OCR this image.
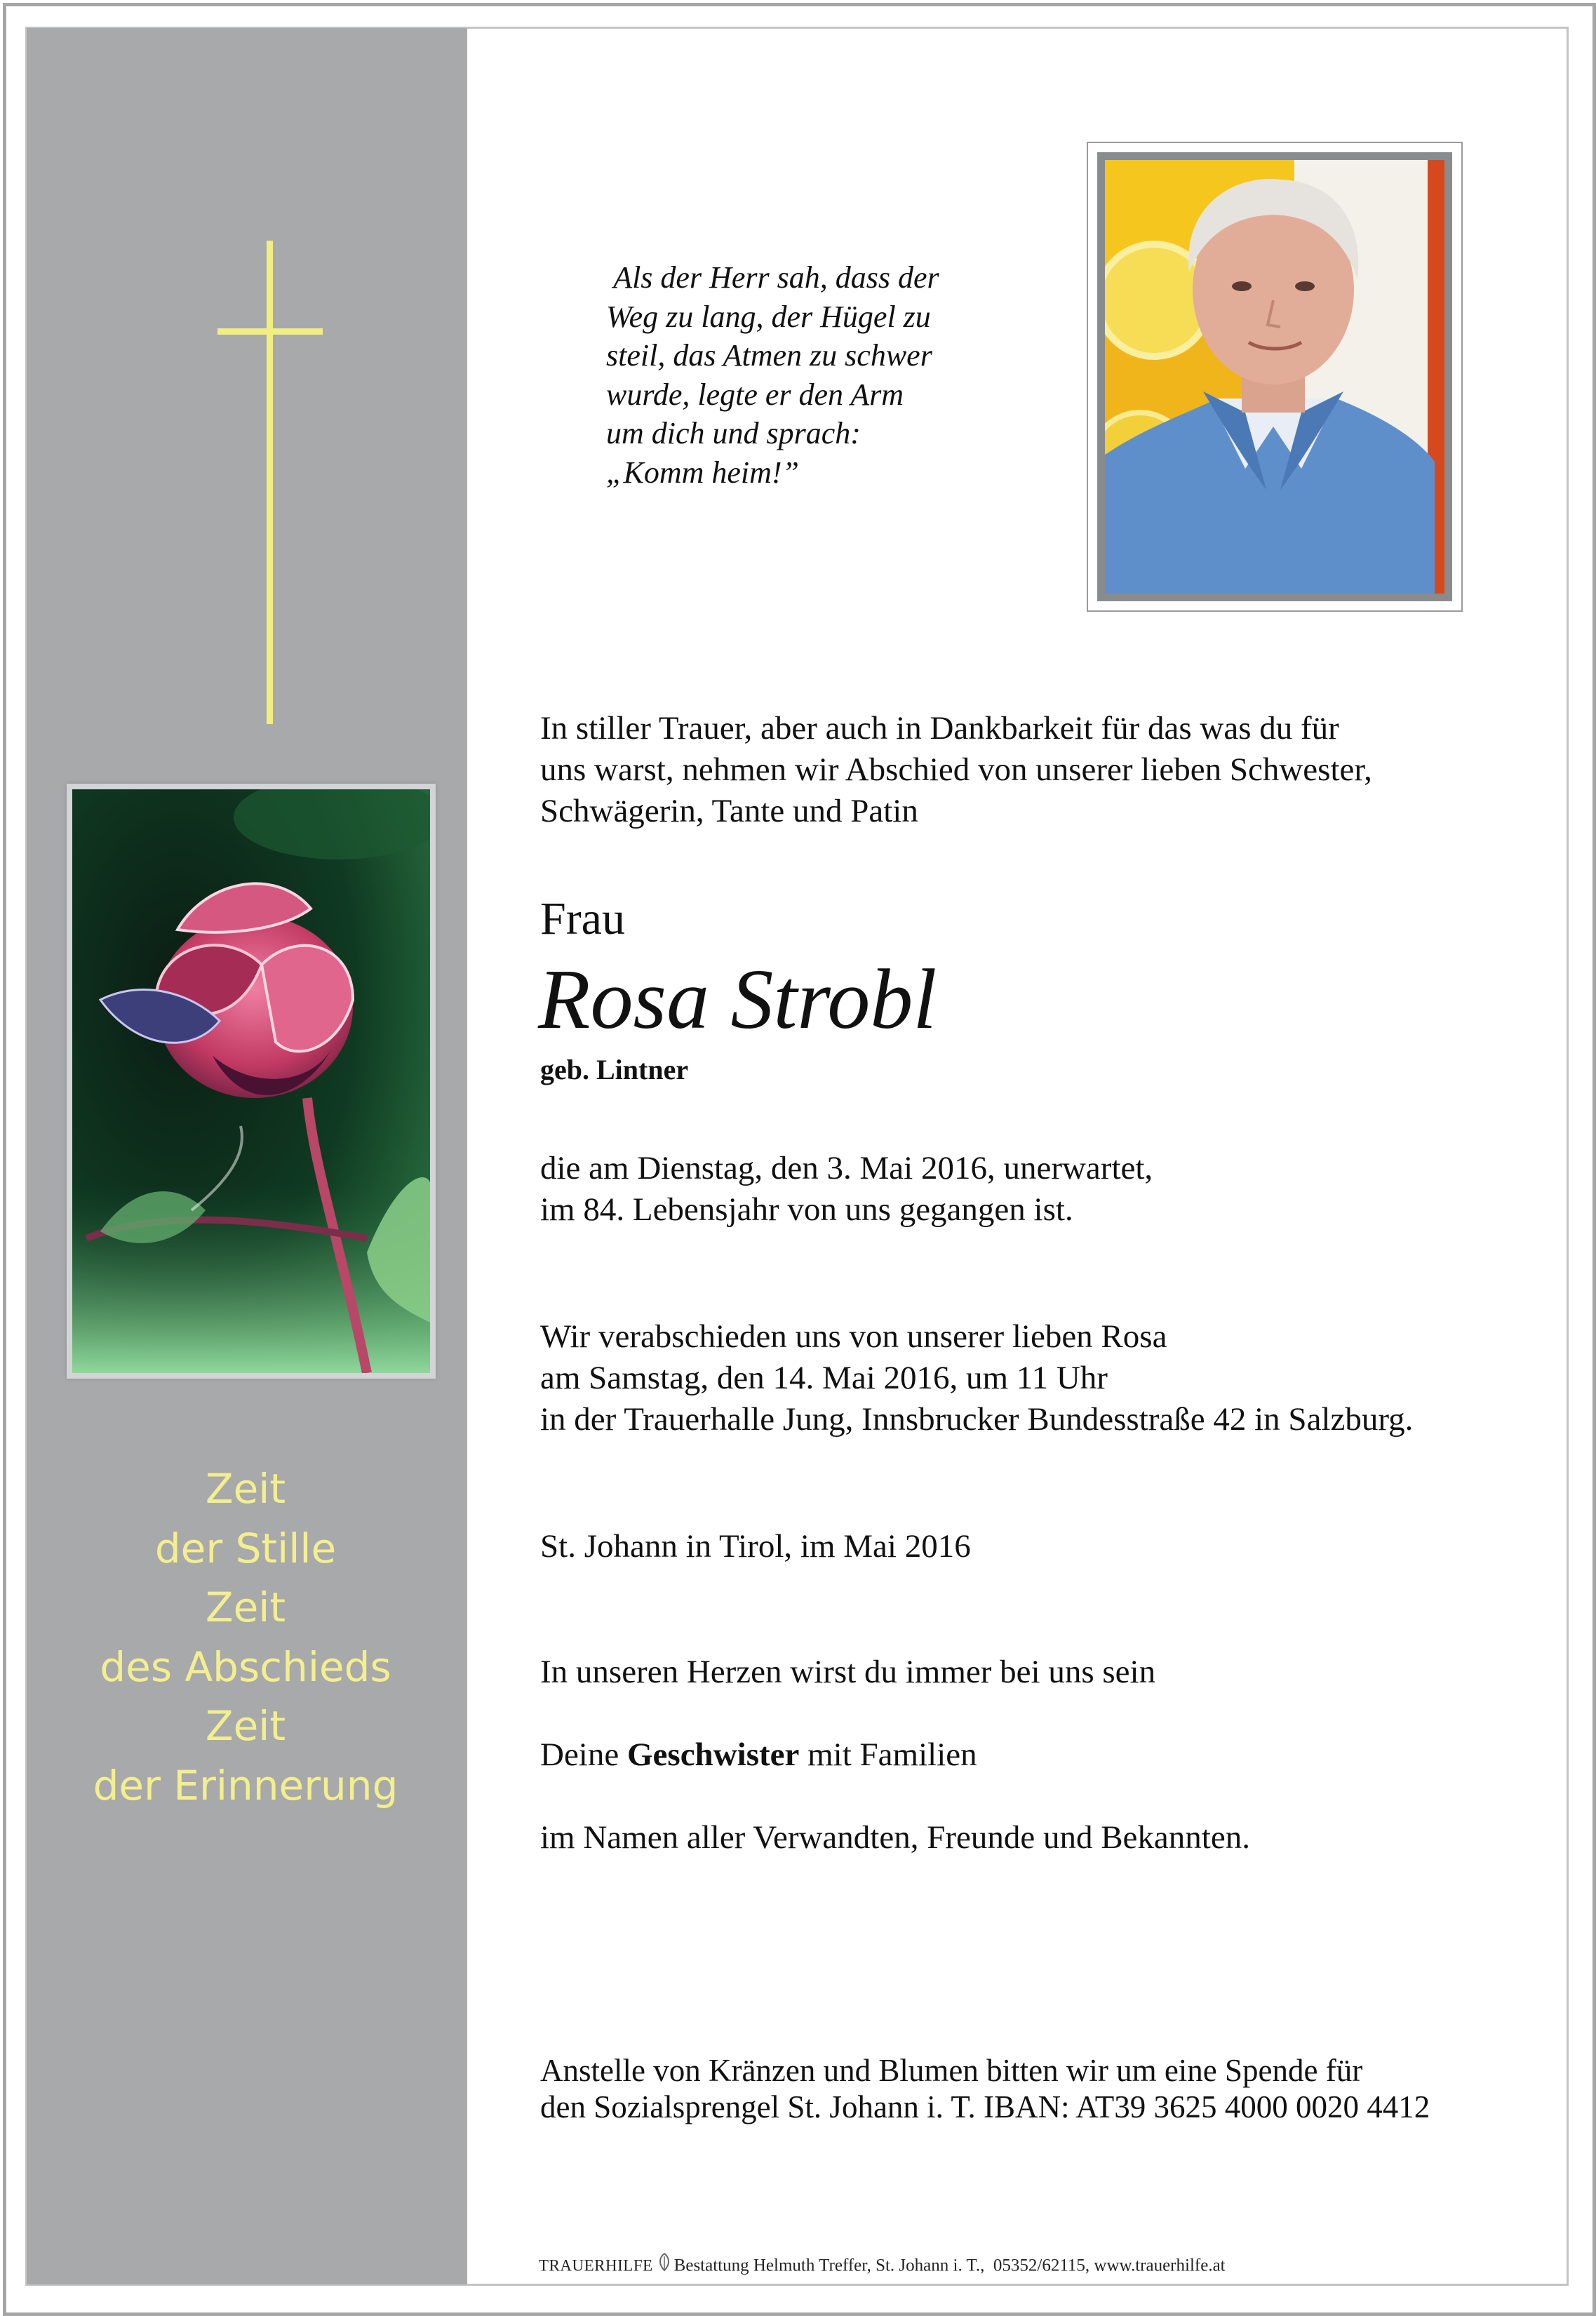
Zeit
der Stille
Zeit
des Abschieds
Zeit
der Erinnerung
Als der Herr sah, dass der
Weg zu lang, der Hügel zu
steil, das Atmen zu schwer
wurde, legte er den Arm
um dich und sprach:
„Komm heim!”
In stiller Trauer, aber auch in Dankbarkeit für das was du für
uns warst, nehmen wir Abschied von unserer lieben Schwester,
Schwägerin, Tante und Patin
Frau
Rosa Strobl
geb. Lintner
die am Dienstag, den 3. Mai 2016, unerwartet,
im 84. Lebensjahr von uns gegangen ist.
Wir verabschieden uns von unserer lieben Rosa
am Samstag, den 14. Mai 2016, um 11 Uhr
in der Trauerhalle Jung, Innsbrucker Bundesstraße 42 in Salzburg.
St. Johann in Tirol, im Mai 2016
In unseren Herzen wirst du immer bei uns sein
Deine Geschwister mit Familien
im Namen aller Verwandten, Freunde und Bekannten.
Anstelle von Kränzen und Blumen bitten wir um eine Spende für
den Sozialsprengel St. Johann i. T. IBAN: AT39 3625 4000 0020 4412
TRAUERHILFE Bestattung Helmuth Treffer, St. Johann i. T.,  05352/62115, www.trauerhilfe.at
